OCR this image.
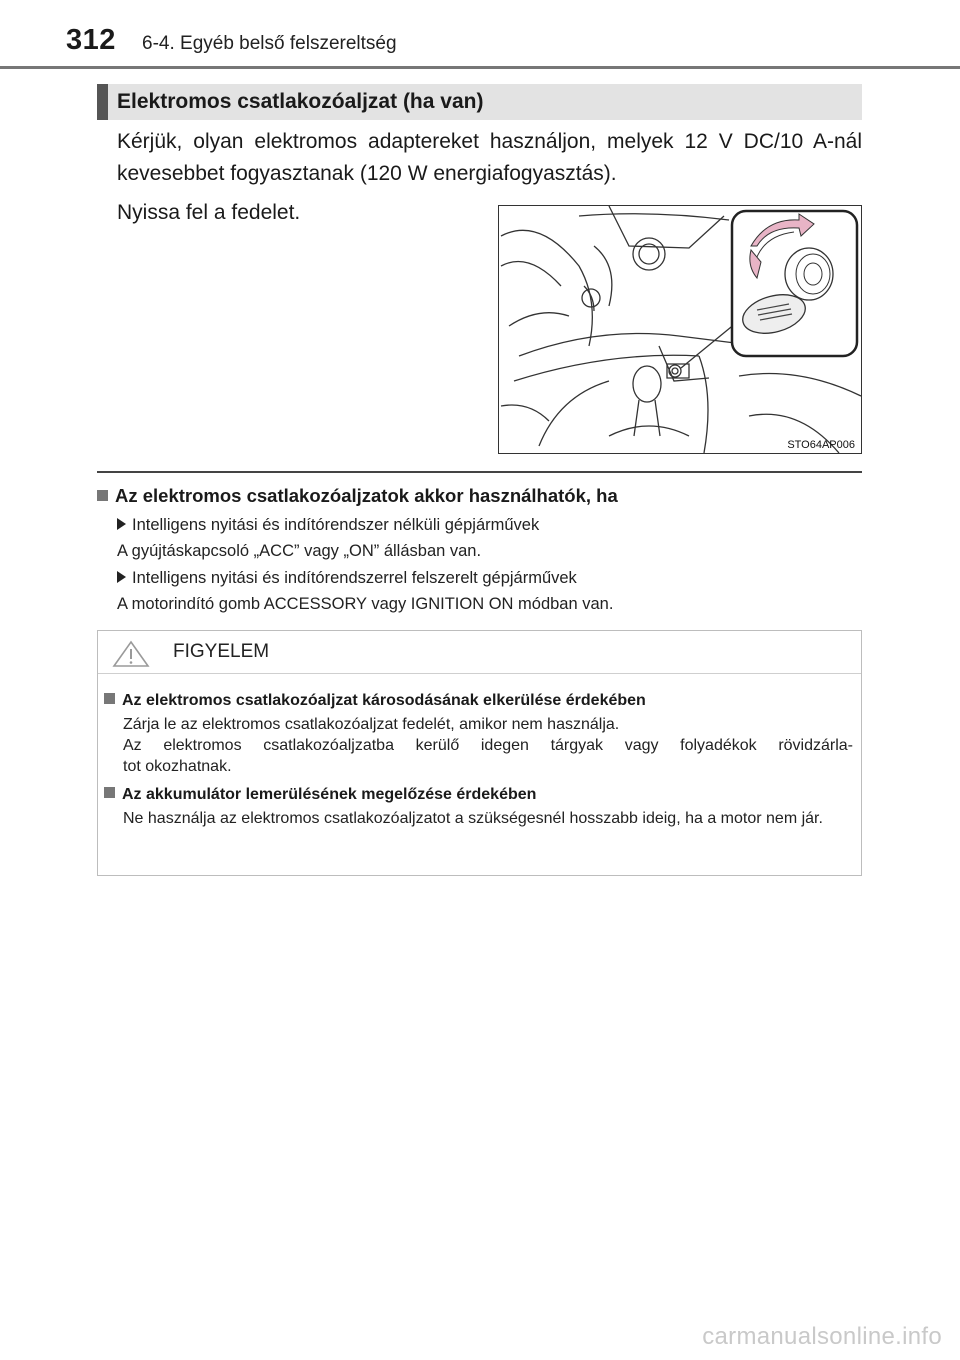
312 6-4. Egyéb belső felszereltség
Elektromos csatlakozóaljzat (ha van)
Kérjük, olyan elektromos adaptereket használjon, melyek 12 V DC/10 A-nál kevesebbet fogyasztanak (120 W energiafogyasztás).
Nyissa fel a fedelet.
STO64AP006
Az elektromos csatlakozóaljzatok akkor használhatók, ha
Intelligens nyitási és indítórendszer nélküli gépjárművek
A gyújtáskapcsoló „ACC” vagy „ON” állásban van.
Intelligens nyitási és indítórendszerrel felszerelt gépjárművek
A motorindító gomb ACCESSORY vagy IGNITION ON módban van.
FIGYELEM
Az elektromos csatlakozóaljzat károsodásának elkerülése érdekében
Zárja le az elektromos csatlakozóaljzat fedelét, amikor nem használja.
Az elektromos csatlakozóaljzatba kerülő idegen tárgyak vagy folyadékok rövidzárla-
tot okozhatnak.
Az akkumulátor lemerülésének megelőzése érdekében
Ne használja az elektromos csatlakozóaljzatot a szükségesnél hosszabb ideig, ha a motor nem jár.
carmanualsonline.info
